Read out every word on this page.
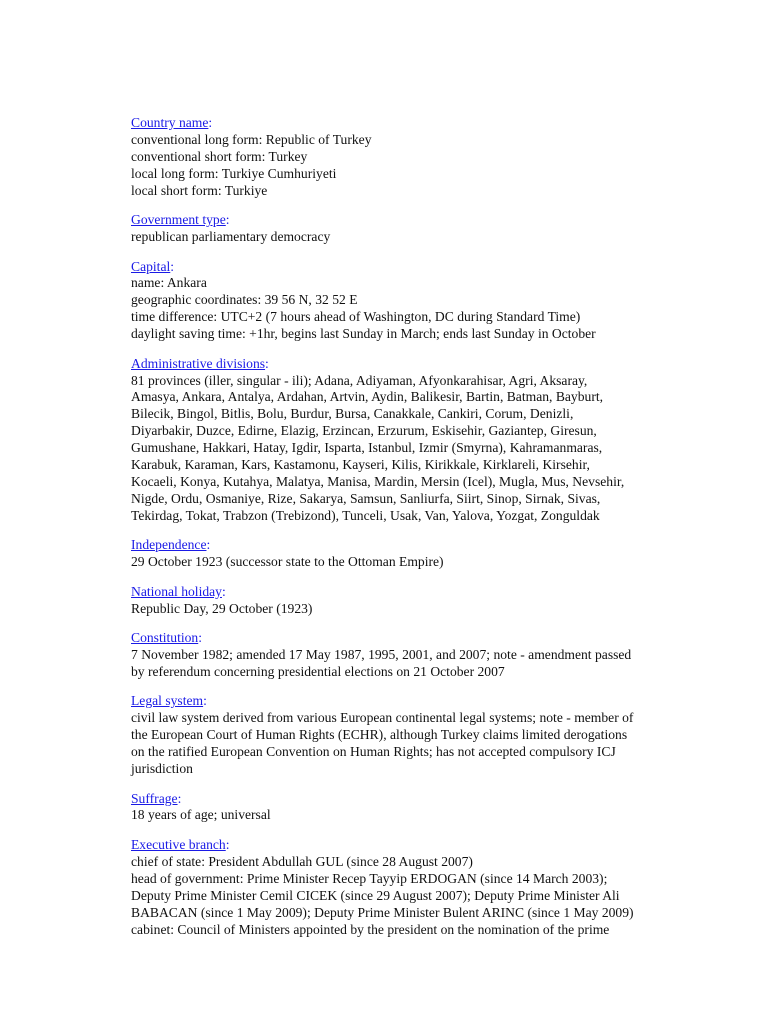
Country name:
conventional long form: Republic of Turkey
conventional short form: Turkey
local long form: Turkiye Cumhuriyeti
local short form: Turkiye
Government type:
republican parliamentary democracy
Capital:
name: Ankara
geographic coordinates: 39 56 N, 32 52 E
time difference: UTC+2 (7 hours ahead of Washington, DC during Standard Time)
daylight saving time: +1hr, begins last Sunday in March; ends last Sunday in October
Administrative divisions:
81 provinces (iller, singular - ili); Adana, Adiyaman, Afyonkarahisar, Agri, Aksaray,
Amasya, Ankara, Antalya, Ardahan, Artvin, Aydin, Balikesir, Bartin, Batman, Bayburt,
Bilecik, Bingol, Bitlis, Bolu, Burdur, Bursa, Canakkale, Cankiri, Corum, Denizli,
Diyarbakir, Duzce, Edirne, Elazig, Erzincan, Erzurum, Eskisehir, Gaziantep, Giresun,
Gumushane, Hakkari, Hatay, Igdir, Isparta, Istanbul, Izmir (Smyrna), Kahramanmaras,
Karabuk, Karaman, Kars, Kastamonu, Kayseri, Kilis, Kirikkale, Kirklareli, Kirsehir,
Kocaeli, Konya, Kutahya, Malatya, Manisa, Mardin, Mersin (Icel), Mugla, Mus, Nevsehir,
Nigde, Ordu, Osmaniye, Rize, Sakarya, Samsun, Sanliurfa, Siirt, Sinop, Sirnak, Sivas,
Tekirdag, Tokat, Trabzon (Trebizond), Tunceli, Usak, Van, Yalova, Yozgat, Zonguldak
Independence:
29 October 1923 (successor state to the Ottoman Empire)
National holiday:
Republic Day, 29 October (1923)
Constitution:
7 November 1982; amended 17 May 1987, 1995, 2001, and 2007; note - amendment passed
by referendum concerning presidential elections on 21 October 2007
Legal system:
civil law system derived from various European continental legal systems; note - member of
the European Court of Human Rights (ECHR), although Turkey claims limited derogations
on the ratified European Convention on Human Rights; has not accepted compulsory ICJ
jurisdiction
Suffrage:
18 years of age; universal
Executive branch:
chief of state: President Abdullah GUL (since 28 August 2007)
head of government: Prime Minister Recep Tayyip ERDOGAN (since 14 March 2003);
Deputy Prime Minister Cemil CICEK (since 29 August 2007); Deputy Prime Minister Ali
BABACAN (since 1 May 2009); Deputy Prime Minister Bulent ARINC (since 1 May 2009)
cabinet: Council of Ministers appointed by the president on the nomination of the prime
